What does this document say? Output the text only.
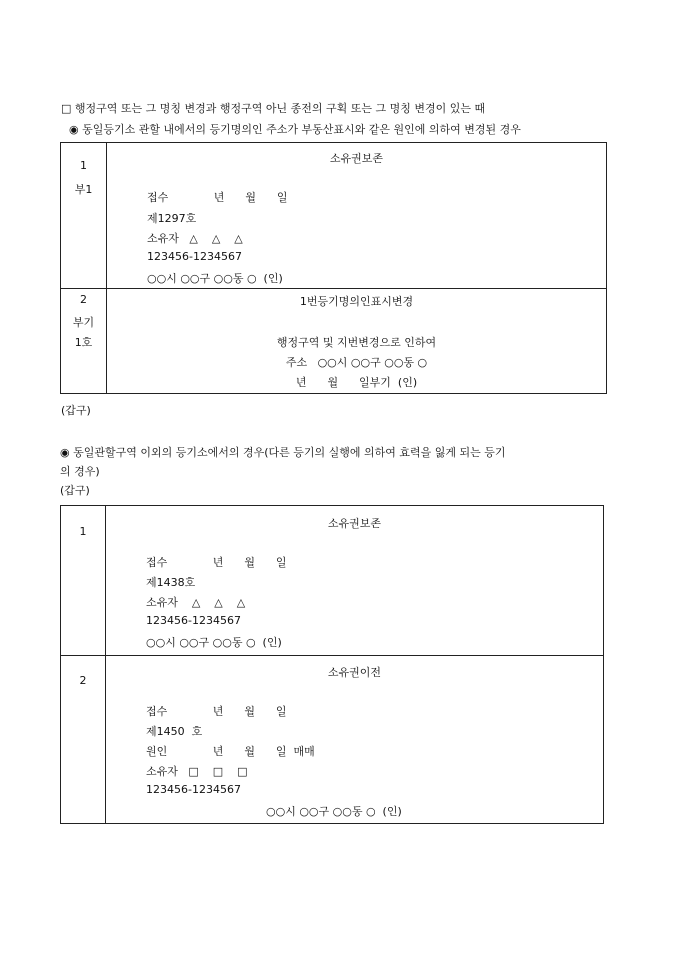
□ 행정구역 또는 그 명칭 변경과 행정구역 아닌 종전의 구획 또는 그 명칭 변경이 있는 때
◉ 동일등기소 관할 내에서의 등기명의인 주소가 부동산표시와 같은 원인에 의하여 변경된 경우
1
부1
소유권보존
접수             년      월      일
제1297호
소유자   △    △    △
123456-1234567
○○시 ○○구 ○○동 ○  (인)
2
부기
1호
1번등기명의인표시변경
행정구역 및 지번변경으로 인하여
주소   ○○시 ○○구 ○○동 ○
년      월      일부기  (인)
(갑구)
◉ 동일관할구역 이외의 등기소에서의 경우(다른 등기의 실행에 의하여 효력을 잃게 되는 등기
의 경우)
(갑구)
1
소유권보존
접수             년      월      일
제1438호
소유자    △    △    △
123456-1234567
○○시 ○○구 ○○동 ○  (인)
2
소유권이전
접수             년      월      일
제1450  호
원인             년      월      일  매매
소유자   □    □    □
123456-1234567
○○시 ○○구 ○○동 ○  (인)
